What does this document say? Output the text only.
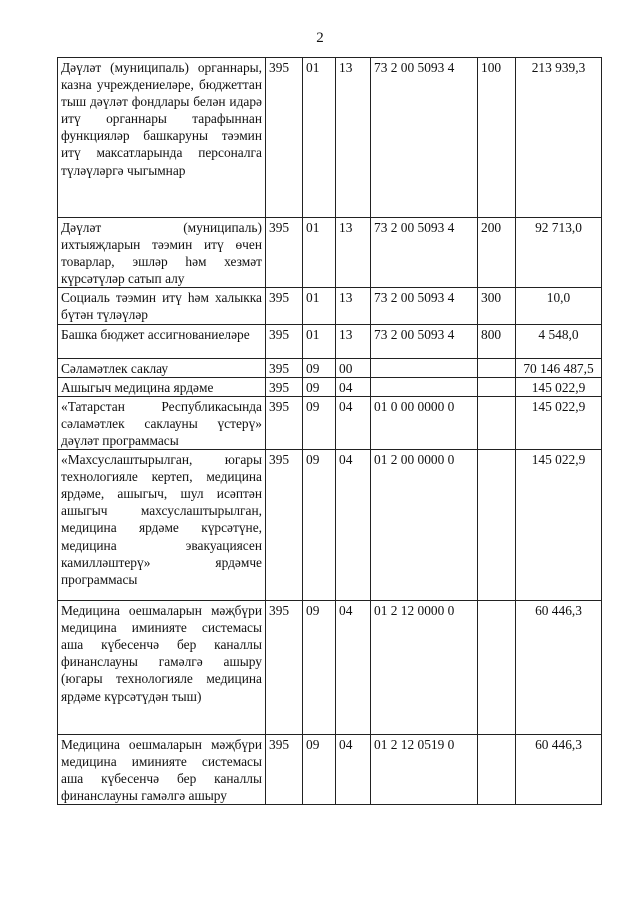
2
Дәүләт (муниципаль) органнары, казна учреждениеләре, бюджеттан тыш дәүләт фондлары белән идарә итү органнары тарафыннан функцияләр башкаруны тәэмин итү максатларында персоналга түләүләргә чыгымнар	395	01	13	73 2 00 5093 4	100	213 939,3
Дәүләт (муниципаль) ихтыяҗларын тәэмин итү өчен товарлар, эшләр һәм хезмәт күрсәтүләр сатып алу	395	01	13	73 2 00 5093 4	200	92 713,0
Социаль тәэмин итү һәм халыкка бүтән түләүләр	395	01	13	73 2 00 5093 4	300	10,0
Башка бюджет ассигнованиеләре	395	01	13	73 2 00 5093 4	800	4 548,0
Сәламәтлек саклау	395	09	00			70 146 487,5
Ашыгыч медицина ярдәме	395	09	04			145 022,9
«Татарстан Республикасында сәламәтлек саклауны үстерү» дәүләт программасы	395	09	04	01 0 00 0000 0		145 022,9
«Махсуслаштырылган, югары технологияле кертеп, медицина ярдәме, ашыгыч, шул исәптән ашыгыч махсуслаштырылган, медицина ярдәме күрсәтүне, медицина эвакуациясен камилләштерү» ярдәмче программасы	395	09	04	01 2 00 0000 0		145 022,9
Медицина оешмаларын мәҗбүри медицина иминияте системасы аша күбесенчә бер каналлы финанслауны гамәлгә ашыру (югары технологияле медицина ярдәме күрсәтүдән тыш)	395	09	04	01 2 12 0000 0		60 446,3
Медицина оешмаларын мәҗбүри медицина иминияте системасы аша күбесенчә бер каналлы финанслауны гамәлгә ашыру	395	09	04	01 2 12 0519 0		60 446,3
